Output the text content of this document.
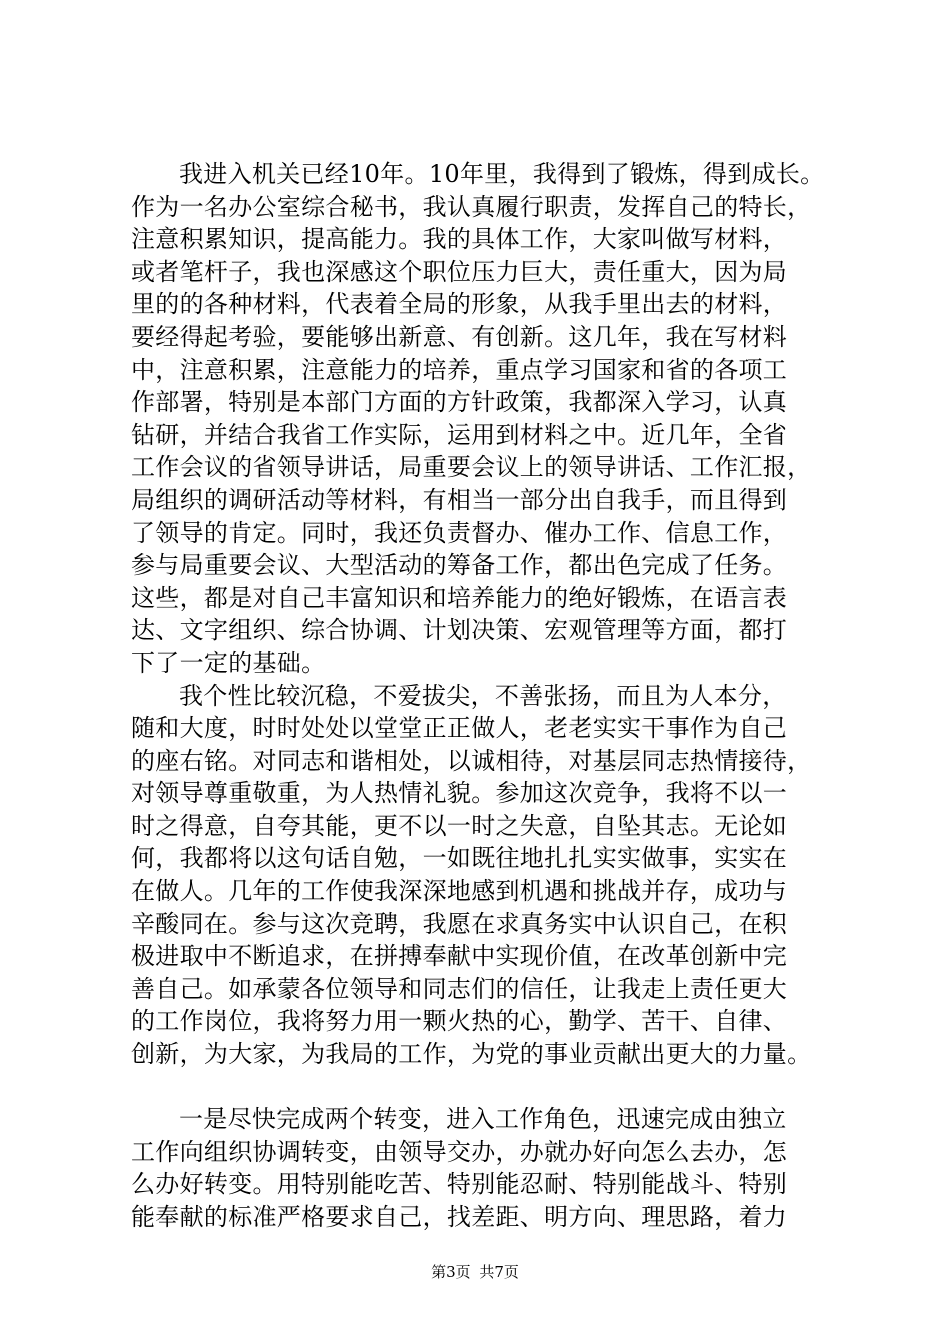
我进入机关已经10年。10年里，我得到了锻炼，得到成长。
作为一名办公室综合秘书，我认真履行职责，发挥自己的特长，
注意积累知识，提高能力。我的具体工作，大家叫做写材料，
或者笔杆子，我也深感这个职位压力巨大，责任重大，因为局
里的的各种材料，代表着全局的形象，从我手里出去的材料，
要经得起考验，要能够出新意、有创新。这几年，我在写材料
中，注意积累，注意能力的培养，重点学习国家和省的各项工
作部署，特别是本部门方面的方针政策，我都深入学习，认真
钻研，并结合我省工作实际，运用到材料之中。近几年，全省
工作会议的省领导讲话，局重要会议上的领导讲话、工作汇报，
局组织的调研活动等材料，有相当一部分出自我手，而且得到
了领导的肯定。同时，我还负责督办、催办工作、信息工作，
参与局重要会议、大型活动的筹备工作，都出色完成了任务。
这些，都是对自己丰富知识和培养能力的绝好锻炼，在语言表
达、文字组织、综合协调、计划决策、宏观管理等方面，都打
下了一定的基础。
我个性比较沉稳，不爱拔尖，不善张扬，而且为人本分，
随和大度，时时处处以堂堂正正做人，老老实实干事作为自己
的座右铭。对同志和谐相处，以诚相待，对基层同志热情接待，
对领导尊重敬重，为人热情礼貌。参加这次竞争，我将不以一
时之得意，自夸其能，更不以一时之失意，自坠其志。无论如
何，我都将以这句话自勉，一如既往地扎扎实实做事，实实在
在做人。几年的工作使我深深地感到机遇和挑战并存，成功与
辛酸同在。参与这次竞聘，我愿在求真务实中认识自己，在积
极进取中不断追求，在拼搏奉献中实现价值，在改革创新中完
善自己。如承蒙各位领导和同志们的信任，让我走上责任更大
的工作岗位，我将努力用一颗火热的心，勤学、苦干、自律、
创新，为大家，为我局的工作，为党的事业贡献出更大的力量。
一是尽快完成两个转变，进入工作角色，迅速完成由独立
工作向组织协调转变，由领导交办，办就办好向怎么去办，怎
么办好转变。用特别能吃苦、特别能忍耐、特别能战斗、特别
能奉献的标准严格要求自己，找差距、明方向、理思路，着力
第3页 共7页
